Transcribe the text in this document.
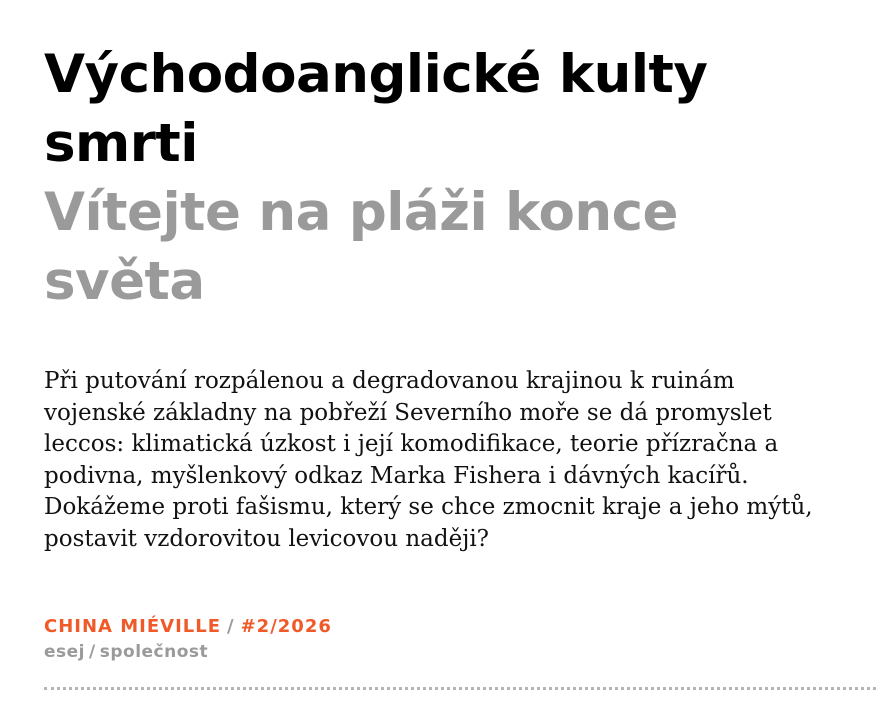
Východoanglické kulty smrti
Vítejte na pláži konce světa

Při putování rozpálenou a degradovanou krajinou k ruinám vojenské základny na pobřeží Severního moře se dá promyslet leccos: klimatická úzkost i její komodifikace, teorie přízračna a podivna, myšlenkový odkaz Marka Fishera i dávných kacířů. Dokážeme proti fašismu, který se chce zmocnit kraje a jeho mýtů, postavit vzdorovitou levicovou naději?

CHINA MIÉVILLE / #2/2026
esej / společnost
